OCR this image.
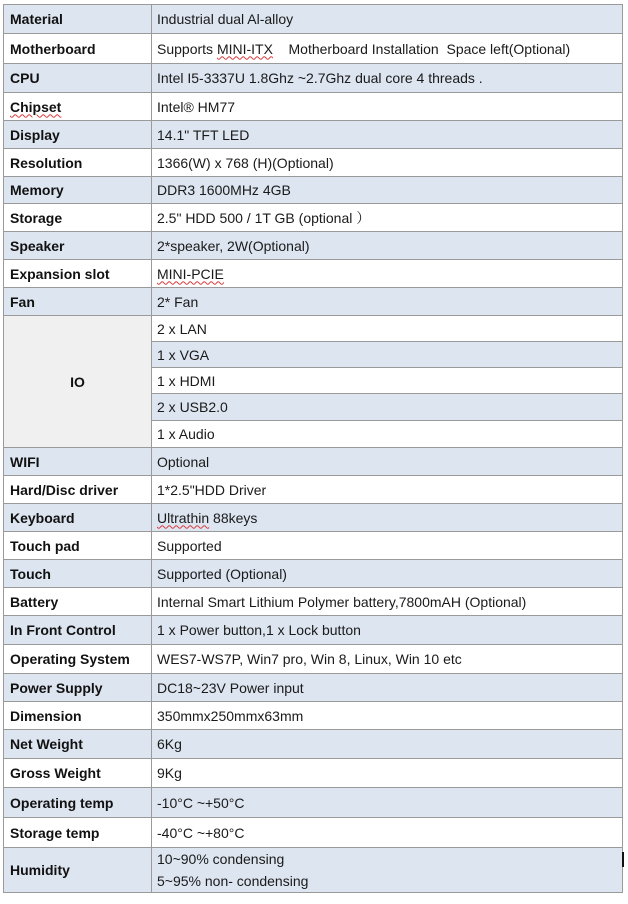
Material	Industrial dual Al-alloy
Motherboard	Supports MINI-ITX    Motherboard Installation  Space left(Optional)
CPU	Intel I5-3337U 1.8Ghz ~2.7Ghz dual core 4 threads .
Chipset	Intel® HM77
Display	14.1" TFT LED
Resolution	1366(W) x 768 (H)(Optional)
Memory	DDR3 1600MHz 4GB
Storage	2.5" HDD 500 / 1T GB (optional ）
Speaker	2*speaker, 2W(Optional)
Expansion slot	MINI-PCIE
Fan	2* Fan
IO	2 x LAN
	1 x VGA
	1 x HDMI
	2 x USB2.0
	1 x Audio
WIFI	Optional
Hard/Disc driver	1*2.5"HDD Driver
Keyboard	Ultrathin 88keys
Touch pad	Supported
Touch	Supported (Optional)
Battery	Internal Smart Lithium Polymer battery,7800mAH (Optional)
In Front Control	1 x Power button,1 x Lock button
Operating System	WES7-WS7P, Win7 pro, Win 8, Linux, Win 10 etc
Power Supply	DC18~23V Power input
Dimension	350mmx250mmx63mm
Net Weight	6Kg
Gross Weight	9Kg
Operating temp	-10°C ~+50°C
Storage temp	-40°C ~+80°C
Humidity	10~90% condensing
5~95% non- condensing
